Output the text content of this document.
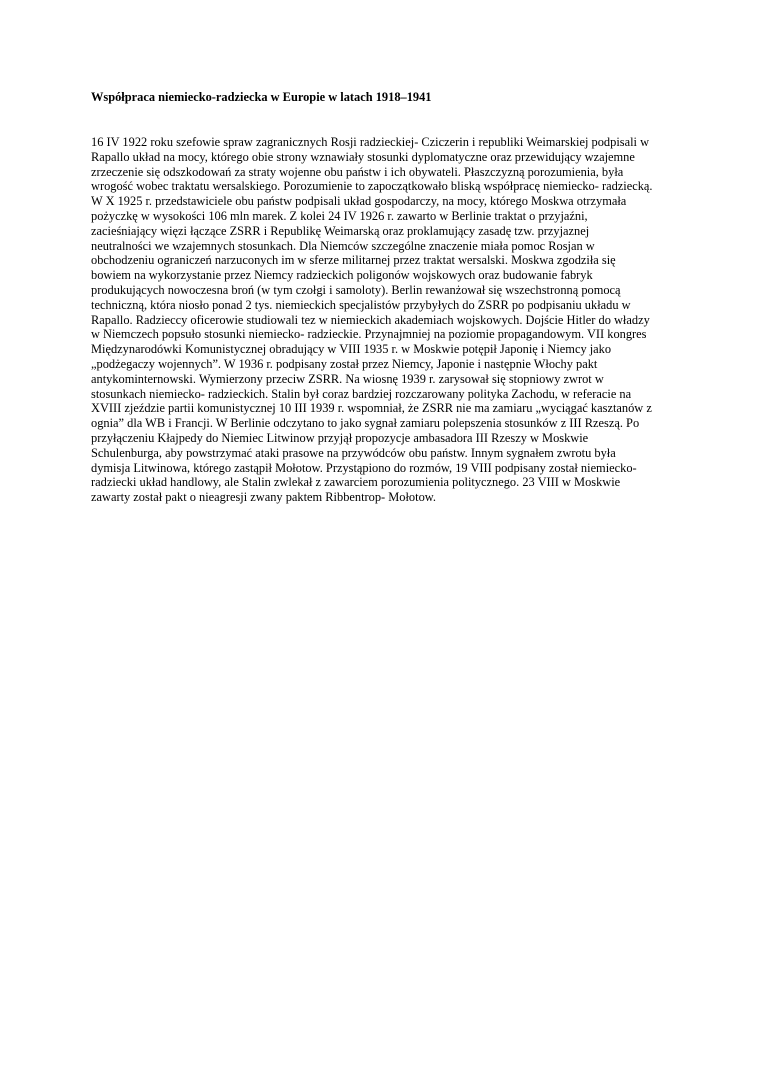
Współpraca niemiecko-radziecka w Europie w latach 1918–1941
16 IV 1922 roku szefowie spraw zagranicznych Rosji radzieckiej- Cziczerin i republiki Weimarskiej podpisali w
Rapallo układ na mocy, którego obie strony wznawiały stosunki dyplomatyczne oraz przewidujący wzajemne
zrzeczenie się odszkodowań za straty wojenne obu państw i ich obywateli. Płaszczyzną porozumienia, była
wrogość wobec traktatu wersalskiego. Porozumienie to zapoczątkowało bliską współpracę niemiecko- radziecką.
W X 1925 r. przedstawiciele obu państw podpisali układ gospodarczy, na mocy, którego Moskwa otrzymała
pożyczkę w wysokości 106 mln marek. Z kolei 24 IV 1926 r. zawarto w Berlinie traktat o przyjaźni,
zacieśniający więzi łączące ZSRR i Republikę Weimarską oraz proklamujący zasadę tzw. przyjaznej
neutralności we wzajemnych stosunkach. Dla Niemców szczególne znaczenie miała pomoc Rosjan w
obchodzeniu ograniczeń narzuconych im w sferze militarnej przez traktat wersalski. Moskwa zgodziła się
bowiem na wykorzystanie przez Niemcy radzieckich poligonów wojskowych oraz budowanie fabryk
produkujących nowoczesna broń (w tym czołgi i samoloty). Berlin rewanżował się wszechstronną pomocą
techniczną, która niosło ponad 2 tys. niemieckich specjalistów przybyłych do ZSRR po podpisaniu układu w
Rapallo. Radzieccy oficerowie studiowali tez w niemieckich akademiach wojskowych. Dojście Hitler do władzy
w Niemczech popsuło stosunki niemiecko- radzieckie. Przynajmniej na poziomie propagandowym. VII kongres
Międzynarodówki Komunistycznej obradujący w VIII 1935 r. w Moskwie potępił Japonię i Niemcy jako
„podżegaczy wojennych”. W 1936 r. podpisany został przez Niemcy, Japonie i następnie Włochy pakt
antykominternowski. Wymierzony przeciw ZSRR. Na wiosnę 1939 r. zarysował się stopniowy zwrot w
stosunkach niemiecko- radzieckich. Stalin był coraz bardziej rozczarowany polityka Zachodu, w referacie na
XVIII zjeździe partii komunistycznej 10 III 1939 r. wspomniał, że ZSRR nie ma zamiaru „wyciągać kasztanów z
ognia” dla WB i Francji. W Berlinie odczytano to jako sygnał zamiaru polepszenia stosunków z III Rzeszą. Po
przyłączeniu Kłajpedy do Niemiec Litwinow przyjął propozycje ambasadora III Rzeszy w Moskwie
Schulenburga, aby powstrzymać ataki prasowe na przywódców obu państw. Innym sygnałem zwrotu była
dymisja Litwinowa, którego zastąpił Mołotow. Przystąpiono do rozmów, 19 VIII podpisany został niemiecko-
radziecki układ handlowy, ale Stalin zwlekał z zawarciem porozumienia politycznego. 23 VIII w Moskwie
zawarty został pakt o nieagresji zwany paktem Ribbentrop- Mołotow.
